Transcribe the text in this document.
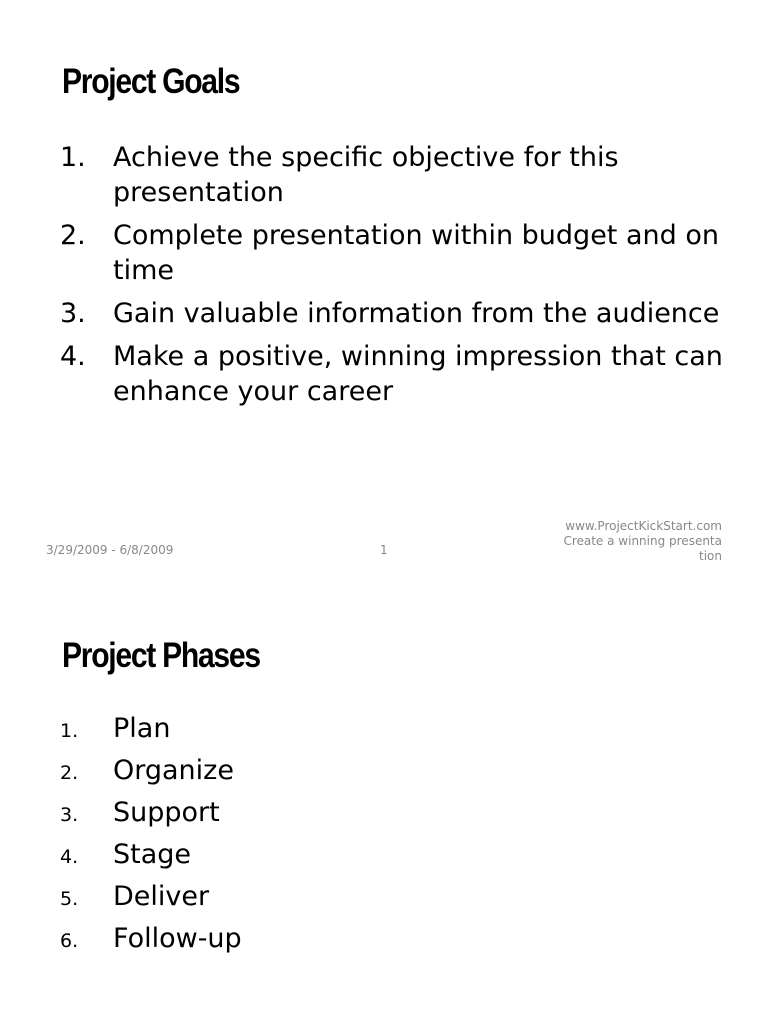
Project Goals
1.	Achieve the specific objective for this presentation
2.	Complete presentation within budget and on time
3.	Gain valuable information from the audience
4.	Make a positive, winning impression that can enhance your career
3/29/2009 - 6/8/2009	1
www.ProjectKickStart.com
Create a winning presentation
Project Phases
1.	Plan
2.	Organize
3.	Support
4.	Stage
5.	Deliver
6.	Follow-up
